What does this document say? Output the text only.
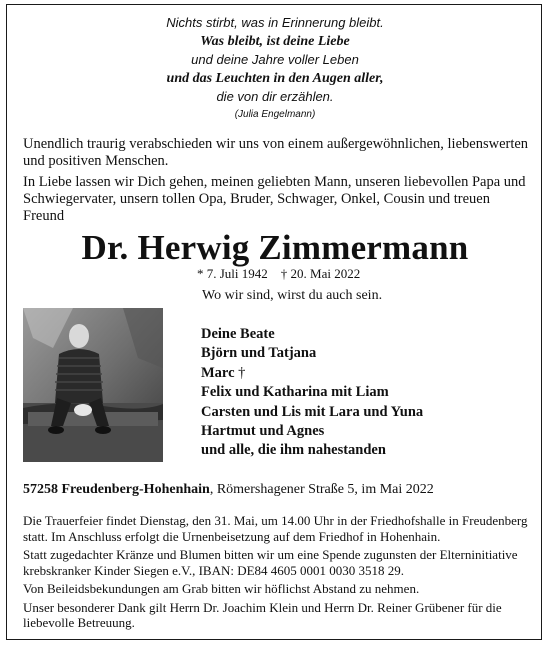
Nichts stirbt, was in Erinnerung bleibt.
Was bleibt, ist deine Liebe
und deine Jahre voller Leben
und das Leuchten in den Augen aller,
die von dir erzählen.
(Julia Engelmann)
Unendlich traurig verabschieden wir uns von einem außergewöhnlichen, liebenswerten und positiven Menschen.
In Liebe lassen wir Dich gehen, meinen geliebten Mann, unseren liebevollen Papa und Schwiegervater, unsern tollen Opa, Bruder, Schwager, Onkel, Cousin und treuen Freund
Dr. Herwig Zimmermann
* 7. Juli 1942 † 20. Mai 2022
Wo wir sind, wirst du auch sein.
Deine Beate
Björn und Tatjana
Marc †
Felix und Katharina mit Liam
Carsten und Lis mit Lara und Yuna
Hartmut und Agnes
und alle, die ihm nahestanden
57258 Freudenberg-Hohenhain, Römershagener Straße 5, im Mai 2022

Die Trauerfeier findet Dienstag, den 31. Mai, um 14.00 Uhr in der Friedhofshalle in Freudenberg statt. Im Anschluss erfolgt die Urnenbeisetzung auf dem Friedhof in Hohenhain.

Statt zugedachter Kränze und Blumen bitten wir um eine Spende zugunsten der Elterninitiative krebskranker Kinder Siegen e.V., IBAN: DE84 4605 0001 0030 3518 29.

Von Beileidsbekundungen am Grab bitten wir höflichst Abstand zu nehmen.

Unser besonderer Dank gilt Herrn Dr. Joachim Klein und Herrn Dr. Reiner Grübener für die liebevolle Betreuung.
